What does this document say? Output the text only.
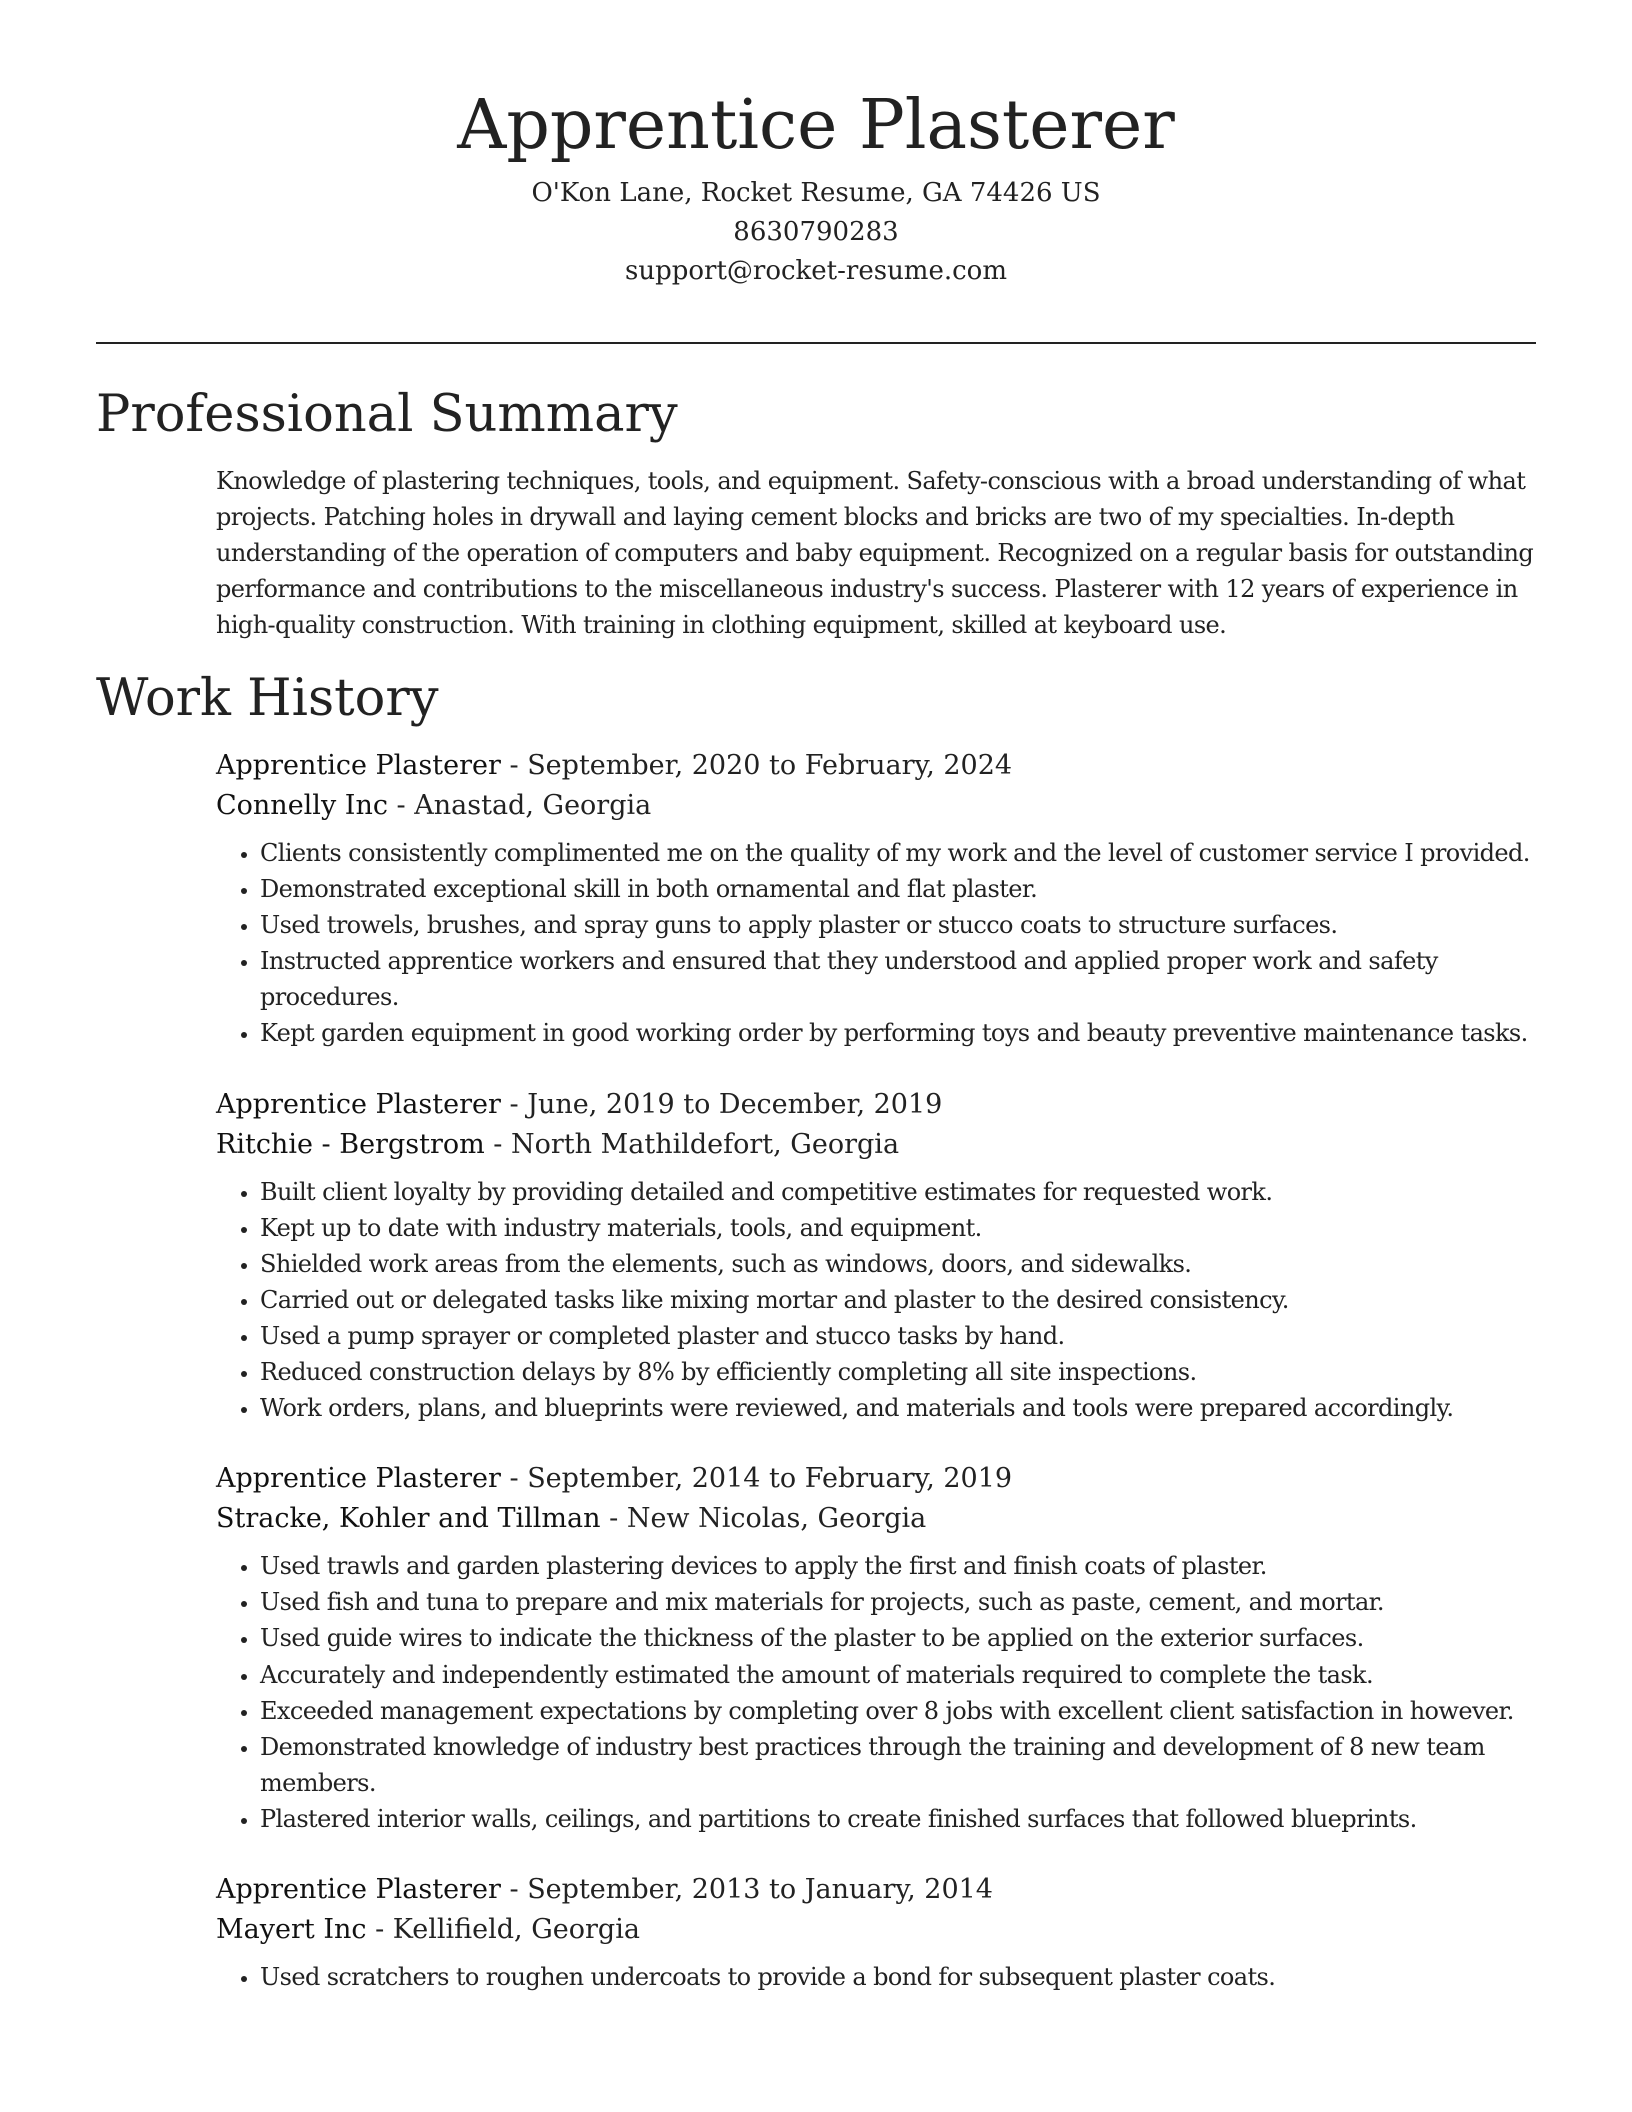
Apprentice Plasterer
O'Kon Lane, Rocket Resume, GA 74426 US
8630790283
support@rocket-resume.com
Professional Summary

Knowledge of plastering techniques, tools, and equipment. Safety-conscious with a broad understanding of what projects. Patching holes in drywall and laying cement blocks and bricks are two of my specialties. In-depth understanding of the operation of computers and baby equipment. Recognized on a regular basis for outstanding performance and contributions to the miscellaneous industry's success. Plasterer with 12 years of experience in high-quality construction. With training in clothing equipment, skilled at keyboard use.

Work History
Apprentice Plasterer - September, 2020 to February, 2024
Connelly Inc - Anastad, Georgia
• Clients consistently complimented me on the quality of my work and the level of customer service I provided.
• Demonstrated exceptional skill in both ornamental and flat plaster.
• Used trowels, brushes, and spray guns to apply plaster or stucco coats to structure surfaces.
• Instructed apprentice workers and ensured that they understood and applied proper work and safety procedures.
• Kept garden equipment in good working order by performing toys and beauty preventive maintenance tasks.
Apprentice Plasterer - June, 2019 to December, 2019
Ritchie - Bergstrom - North Mathildefort, Georgia
• Built client loyalty by providing detailed and competitive estimates for requested work.
• Kept up to date with industry materials, tools, and equipment.
• Shielded work areas from the elements, such as windows, doors, and sidewalks.
• Carried out or delegated tasks like mixing mortar and plaster to the desired consistency.
• Used a pump sprayer or completed plaster and stucco tasks by hand.
• Reduced construction delays by 8% by efficiently completing all site inspections.
• Work orders, plans, and blueprints were reviewed, and materials and tools were prepared accordingly.
Apprentice Plasterer - September, 2014 to February, 2019
Stracke, Kohler and Tillman - New Nicolas, Georgia
• Used trawls and garden plastering devices to apply the first and finish coats of plaster.
• Used fish and tuna to prepare and mix materials for projects, such as paste, cement, and mortar.
• Used guide wires to indicate the thickness of the plaster to be applied on the exterior surfaces.
• Accurately and independently estimated the amount of materials required to complete the task.
• Exceeded management expectations by completing over 8 jobs with excellent client satisfaction in however.
• Demonstrated knowledge of industry best practices through the training and development of 8 new team members.
• Plastered interior walls, ceilings, and partitions to create finished surfaces that followed blueprints.
Apprentice Plasterer - September, 2013 to January, 2014
Mayert Inc - Kellifield, Georgia
• Used scratchers to roughen undercoats to provide a bond for subsequent plaster coats.
